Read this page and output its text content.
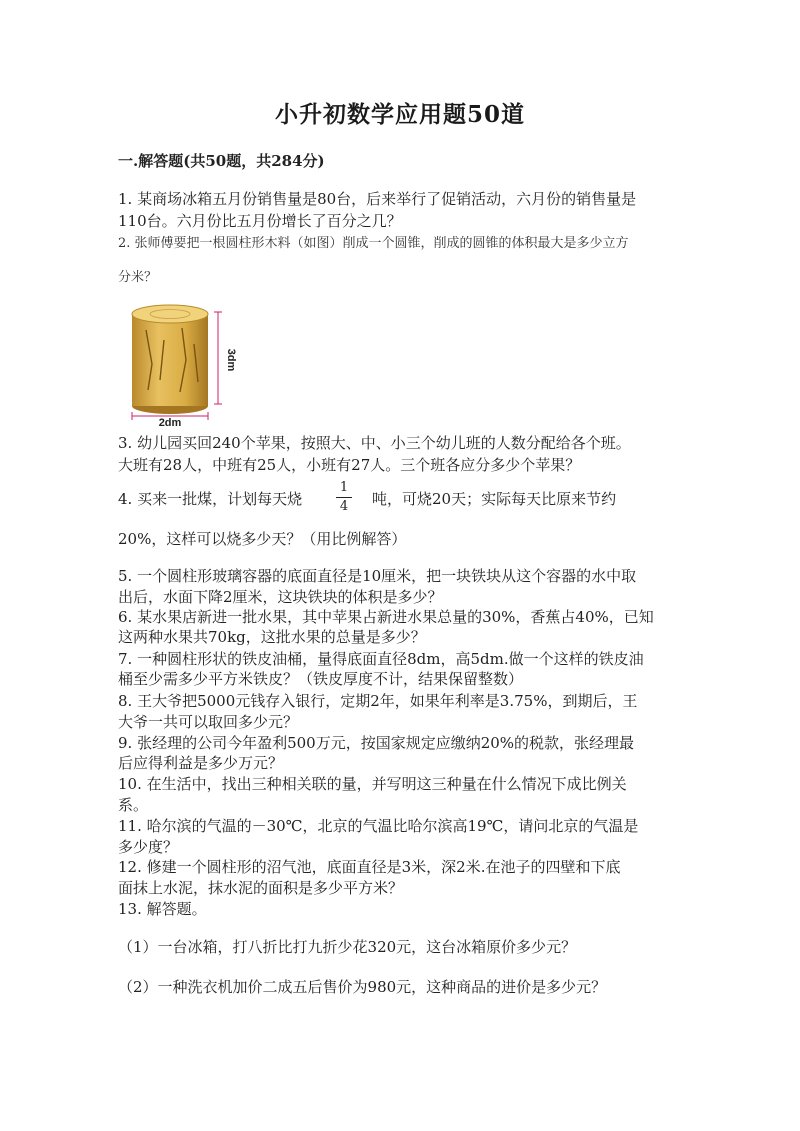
小升初数学应用题50道
一.解答题(共50题，共284分)
1. 某商场冰箱五月份销售量是80台，后来举行了促销活动，六月份的销售量是
110台。六月份比五月份增长了百分之几？
2. 张师傅要把一根圆柱形木料（如图）削成一个圆锥，削成的圆锥的体积最大是多少立方
分米？
3dm
2dm
3. 幼儿园买回240个苹果，按照大、中、小三个幼儿班的人数分配给各个班。
大班有28人，中班有25人，小班有27人。三个班各应分多少个苹果？
4. 买来一批煤，计划每天烧
1
4 吨，可烧20天；实际每天比原来节约
20%，这样可以烧多少天？（用比例解答）
5. 一个圆柱形玻璃容器的底面直径是10厘米，把一块铁块从这个容器的水中取
出后，水面下降2厘米，这块铁块的体积是多少？
6. 某水果店新进一批水果，其中苹果占新进水果总量的30%，香蕉占40%，已知
这两种水果共70kg，这批水果的总量是多少？
7. 一种圆柱形状的铁皮油桶，量得底面直径8dm，高5dm.做一个这样的铁皮油
桶至少需多少平方米铁皮？（铁皮厚度不计，结果保留整数）
8. 王大爷把5000元钱存入银行，定期2年，如果年利率是3.75%，到期后，王
大爷一共可以取回多少元？
9. 张经理的公司今年盈利500万元，按国家规定应缴纳20%的税款，张经理最
后应得利益是多少万元？
10. 在生活中，找出三种相关联的量，并写明这三种量在什么情况下成比例关
系。
11. 哈尔滨的气温的－30℃，北京的气温比哈尔滨高19℃，请问北京的气温是
多少度？
12. 修建一个圆柱形的沼气池，底面直径是3米，深2米.在池子的四壁和下底
面抹上水泥，抹水泥的面积是多少平方米？
13. 解答题。
（1）一台冰箱，打八折比打九折少花320元，这台冰箱原价多少元？
（2）一种洗衣机加价二成五后售价为980元，这种商品的进价是多少元？
